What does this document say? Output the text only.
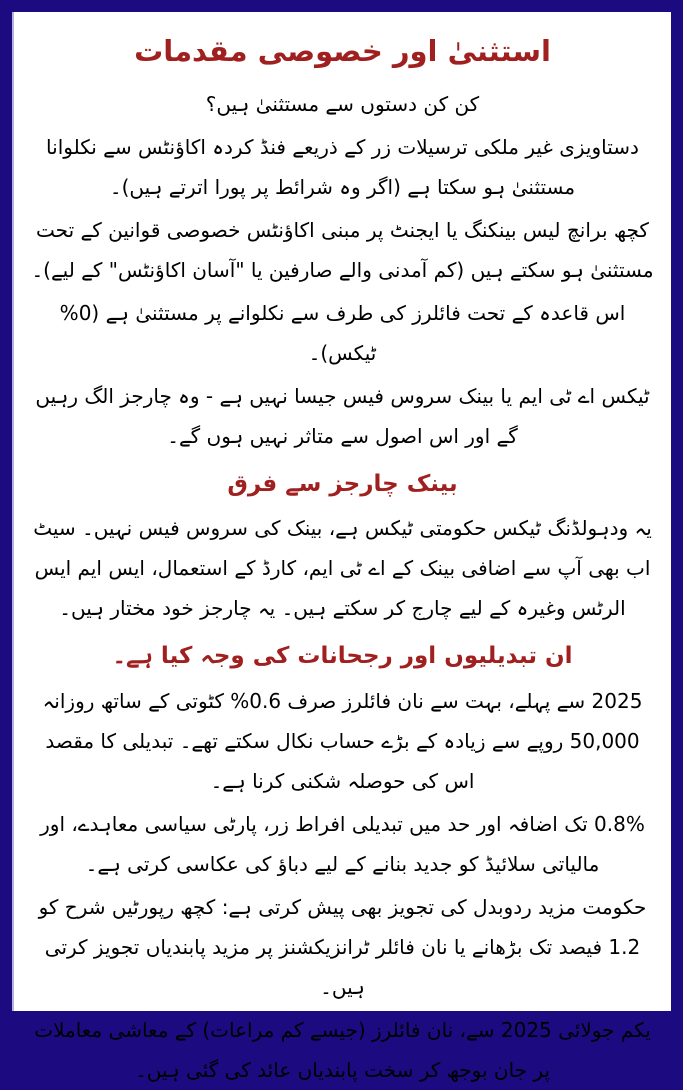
استثنیٰ اور خصوصی مقدمات

کن کن دستوں سے مستثنیٰ ہیں؟

دستاویزی غیر ملکی ترسیلات زر کے ذریعے فنڈ کردہ اکاؤنٹس سے نکلوانا مستثنیٰ ہو سکتا ہے (اگر وہ شرائط پر پورا اترتے ہیں)۔

کچھ برانچ لیس بینکنگ یا ایجنٹ پر مبنی اکاؤنٹس خصوصی قوانین کے تحت مستثنیٰ ہو سکتے ہیں (کم آمدنی والے صارفین یا "آسان اکاؤنٹس" کے لیے)۔

اس قاعدہ کے تحت فائلرز کی طرف سے نکلوانے پر مستثنیٰ ہے (0% ٹیکس)۔

ٹیکس اے ٹی ایم یا بینک سروس فیس جیسا نہیں ہے - وہ چارجز الگ رہیں گے اور اس اصول سے متاثر نہیں ہوں گے۔

بینک چارجز سے فرق

یہ ودہولڈنگ ٹیکس حکومتی ٹیکس ہے، بینک کی سروس فیس نہیں۔ سیٹ اب بھی آپ سے اضافی بینک کے اے ٹی ایم، کارڈ کے استعمال، ایس ایم ایس الرٹس وغیرہ کے لیے چارج کر سکتے ہیں۔ یہ چارجز خود مختار ہیں۔

ان تبدیلیوں اور رجحانات کی وجہ کیا ہے۔

2025 سے پہلے، بہت سے نان فائلرز صرف 0.6% کٹوتی کے ساتھ روزانہ 50,000 روپے سے زیادہ کے بڑے حساب نکال سکتے تھے۔ تبدیلی کا مقصد اس کی حوصلہ شکنی کرنا ہے۔

0.8% تک اضافہ اور حد میں تبدیلی افراط زر، پارٹی سیاسی معاہدے، اور مالیاتی سلائیڈ کو جدید بنانے کے لیے دباؤ کی عکاسی کرتی ہے۔

حکومت مزید ردوبدل کی تجویز بھی پیش کرتی ہے: کچھ رپورٹیں شرح کو 1.2 فیصد تک بڑھانے یا نان فائلر ٹرانزیکشنز پر مزید پابندیاں تجویز کرتی ہیں۔

یکم جولائی 2025 سے، نان فائلرز (جیسے کم مراعات) کے معاشی معاملات پر جان بوجھ کر سخت پابندیاں عائد کی گئی ہیں۔
